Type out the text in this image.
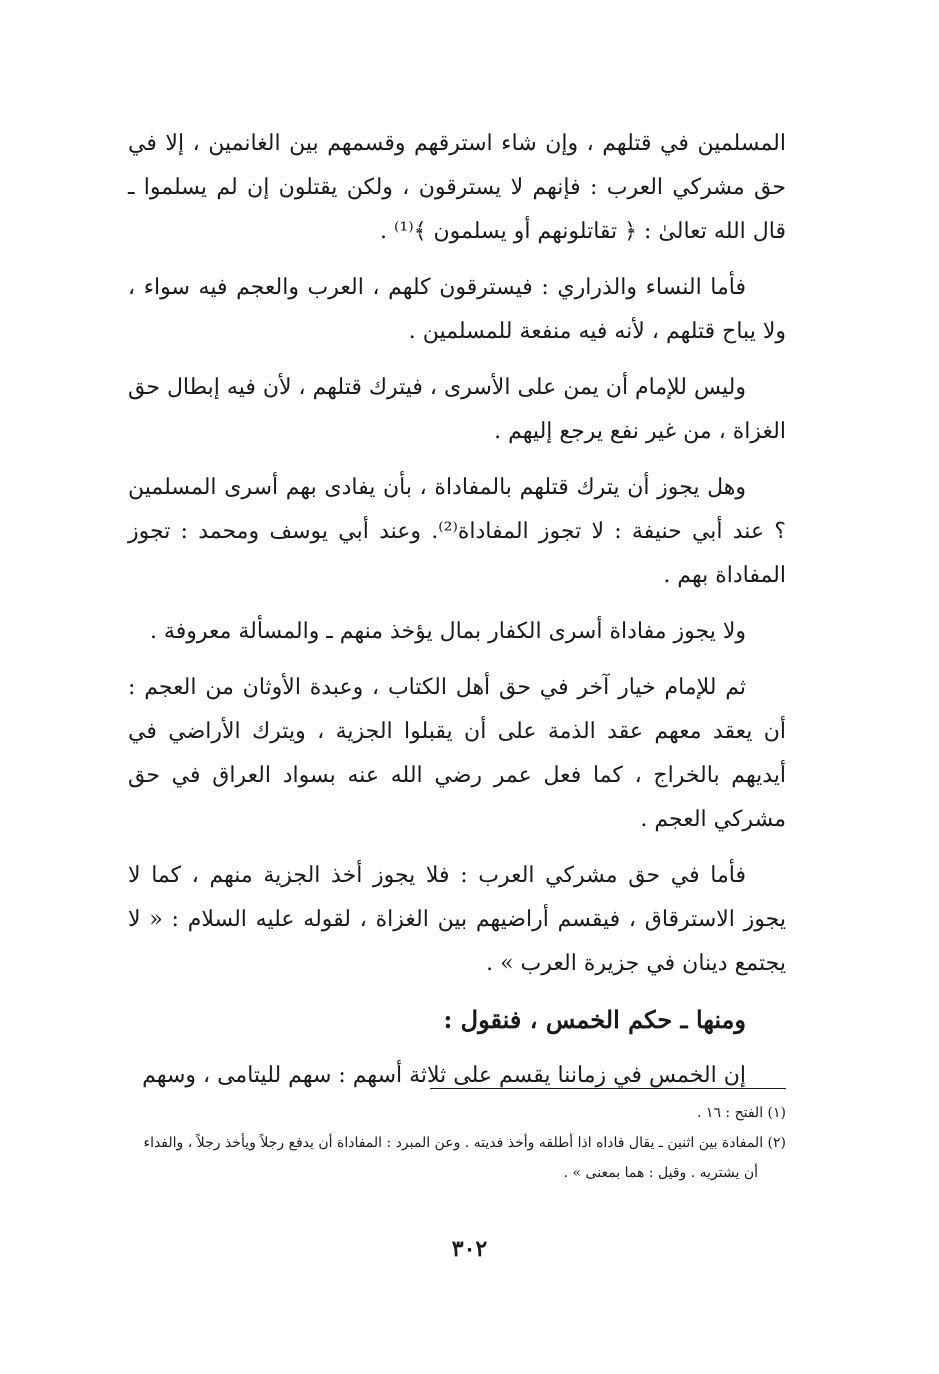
المسلمين في قتلهم ، وإن شاء استرقهم وقسمهم بين الغانمين ، إلا في حق مشركي العرب : فإنهم لا يسترقون ، ولكن يقتلون إن لم يسلموا ـ قال الله تعالىٰ : ﴿ تقاتلونهم أو يسلمون ﴾⁽¹⁾ .

فأما النساء والذراري : فيسترقون كلهم ، العرب والعجم فيه سواء ، ولا يباح قتلهم ، لأنه فيه منفعة للمسلمين .

وليس للإمام أن يمن على الأسرى ، فيترك قتلهم ، لأن فيه إبطال حق الغزاة ، من غير نفع يرجع إليهم .

وهل يجوز أن يترك قتلهم بالمفاداة ، بأن يفادى بهم أسرى المسلمين ؟ عند أبي حنيفة : لا تجوز المفاداة⁽²⁾. وعند أبي يوسف ومحمد : تجوز المفاداة بهم .

ولا يجوز مفاداة أسرى الكفار بمال يؤخذ منهم ـ والمسألة معروفة .

ثم للإمام خيار آخر في حق أهل الكتاب ، وعبدة الأوثان من العجم : أن يعقد معهم عقد الذمة على أن يقبلوا الجزية ، ويترك الأراضي في أيديهم بالخراج ، كما فعل عمر رضي الله عنه بسواد العراق في حق مشركي العجم .

فأما في حق مشركي العرب : فلا يجوز أخذ الجزية منهم ، كما لا يجوز الاسترقاق ، فيقسم أراضيهم بين الغزاة ، لقوله عليه السلام : « لا يجتمع دينان في جزيرة العرب » .

ومنها ـ حكم الخمس ، فنقول :

إن الخمس في زماننا يقسم على ثلاثة أسهم : سهم لليتامى ، وسهم

(١) الفتح : ١٦ .

(٢) المفادة بين اثنين ـ يقال فاداه اذا أطلقه وأخذ فديته . وعن المبرد : المفاداة أن يدفع رجلاً ويأخذ رجلاً ، والفداء أن يشتريه . وقيل : هما بمعنى » .

٣٠٢
